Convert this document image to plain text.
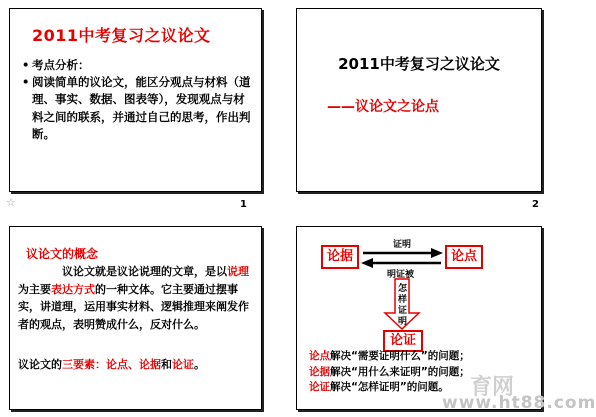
2011中考复习之议论文
• 考点分析：
• 阅读简单的议论文，能区分观点与材料（道理、事实、数据、图表等），发现观点与材料之间的联系，并通过自己的思考，作出判断。
☆	1
2011中考复习之议论文
——议论文之论点
2
议论文的概念
议论文就是议论说理的文章，是以说理为主要表达方式的一种文体。它主要通过摆事实，讲道理，运用事实材料、逻辑推理来阐发作者的观点，表明赞成什么，反对什么。
议论文的三要素：论点、论据和论证。
证明
明证被
怎样证明
论据	论点
论证
论点解决“需要证明什么”的问题；
论据解决“用什么来证明”的问题；
论证解决“怎样证明”的问题。 育网
www.ht88.com
